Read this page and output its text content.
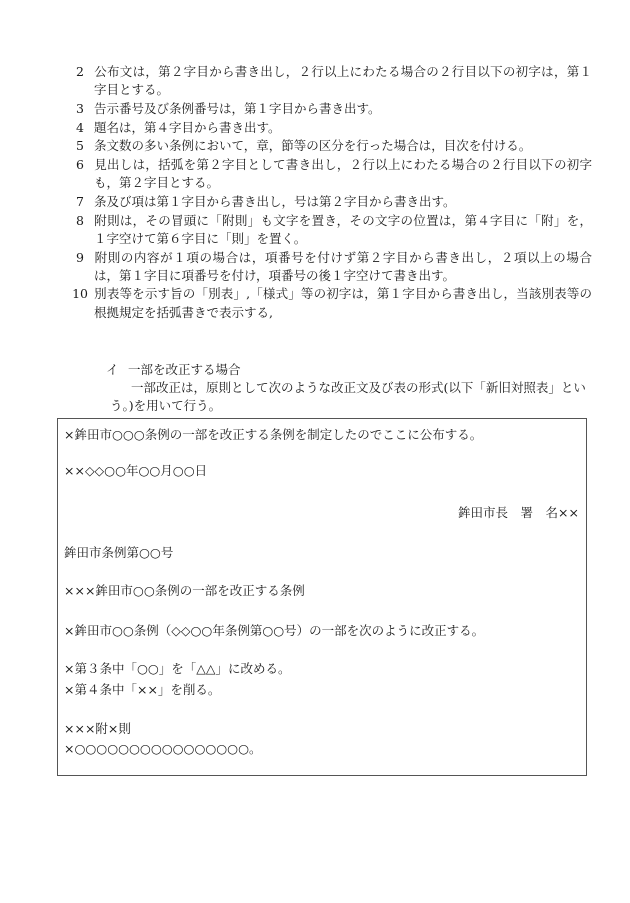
2 公布文は，第２字目から書き出し，２行以上にわたる場合の２行目以下の初字は，第１字目とする。
3 告示番号及び条例番号は，第１字目から書き出す。
4 題名は，第４字目から書き出す。
5 条文数の多い条例において，章，節等の区分を行った場合は，目次を付ける。
6 見出しは，括弧を第２字目として書き出し，２行以上にわたる場合の２行目以下の初字も，第２字目とする。
7 条及び項は第１字目から書き出し，号は第２字目から書き出す。
8 附則は，その冒頭に「附則」も文字を置き，その文字の位置は，第４字目に「附」を，１字空けて第６字目に「則」を置く。
9 附則の内容が１項の場合は，項番号を付けず第２字目から書き出し，２項以上の場合は，第１字目に項番号を付け，項番号の後１字空けて書き出す。
10 別表等を示す旨の「別表」,「様式」等の初字は，第１字目から書き出し，当該別表等の根拠規定を括弧書きで表示する,

イ 一部を改正する場合

一部改正は，原則として次のような改正文及び表の形式(以下「新旧対照表」という。)を用いて行う。

×鉾田市○○○条例の一部を改正する条例を制定したのでここに公布する。
××◇◇○○年○○月○○日
鉾田市長　署　名××
鉾田市条例第○○号
×××鉾田市○○条例の一部を改正する条例
×鉾田市○○条例（◇◇○○年条例第○○号）の一部を次のように改正する。
×第３条中「○○」を「△△」に改める。
×第４条中「××」を削る。
×××附×則
×○○○○○○○○○○○○○○○○。
